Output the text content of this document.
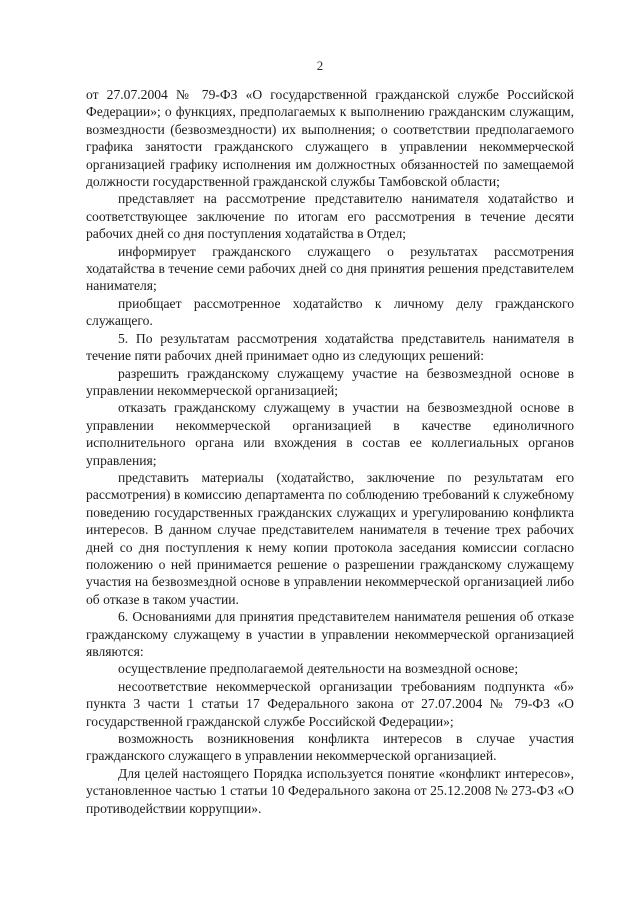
2

от 27.07.2004 № 79-ФЗ «О государственной гражданской службе Российской Федерации»; о функциях, предполагаемых к выполнению гражданским служащим, возмездности (безвозмездности) их выполнения; о соответствии предполагаемого графика занятости гражданского служащего в управлении некоммерческой организацией графику исполнения им должностных обязанностей по замещаемой должности государственной гражданской службы Тамбовской области;

представляет на рассмотрение представителю нанимателя ходатайство и соответствующее заключение по итогам его рассмотрения в течение десяти рабочих дней со дня поступления ходатайства в Отдел;

информирует гражданского служащего о результатах рассмотрения ходатайства в течение семи рабочих дней со дня принятия решения представителем нанимателя;

приобщает рассмотренное ходатайство к личному делу гражданского служащего.

5. По результатам рассмотрения ходатайства представитель нанимателя в течение пяти рабочих дней принимает одно из следующих решений:

разрешить гражданскому служащему участие на безвозмездной основе в управлении некоммерческой организацией;

отказать гражданскому служащему в участии на безвозмездной основе в управлении некоммерческой организацией в качестве единоличного исполнительного органа или вхождения в состав ее коллегиальных органов управления;

представить материалы (ходатайство, заключение по результатам его рассмотрения) в комиссию департамента по соблюдению требований к служебному поведению государственных гражданских служащих и урегулированию конфликта интересов. В данном случае представителем нанимателя в течение трех рабочих дней со дня поступления к нему копии протокола заседания комиссии согласно положению о ней принимается решение о разрешении гражданскому служащему участия на безвозмездной основе в управлении некоммерческой организацией либо об отказе в таком участии.

6. Основаниями для принятия представителем нанимателя решения об отказе гражданскому служащему в участии в управлении некоммерческой организацией являются:

осуществление предполагаемой деятельности на возмездной основе;

несоответствие некоммерческой организации требованиям подпункта «б» пункта 3 части 1 статьи 17 Федерального закона от 27.07.2004 № 79-ФЗ «О государственной гражданской службе Российской Федерации»;

возможность возникновения конфликта интересов в случае участия гражданского служащего в управлении некоммерческой организацией.

Для целей настоящего Порядка используется понятие «конфликт интересов», установленное частью 1 статьи 10 Федерального закона от 25.12.2008 № 273-ФЗ «О противодействии коррупции».
